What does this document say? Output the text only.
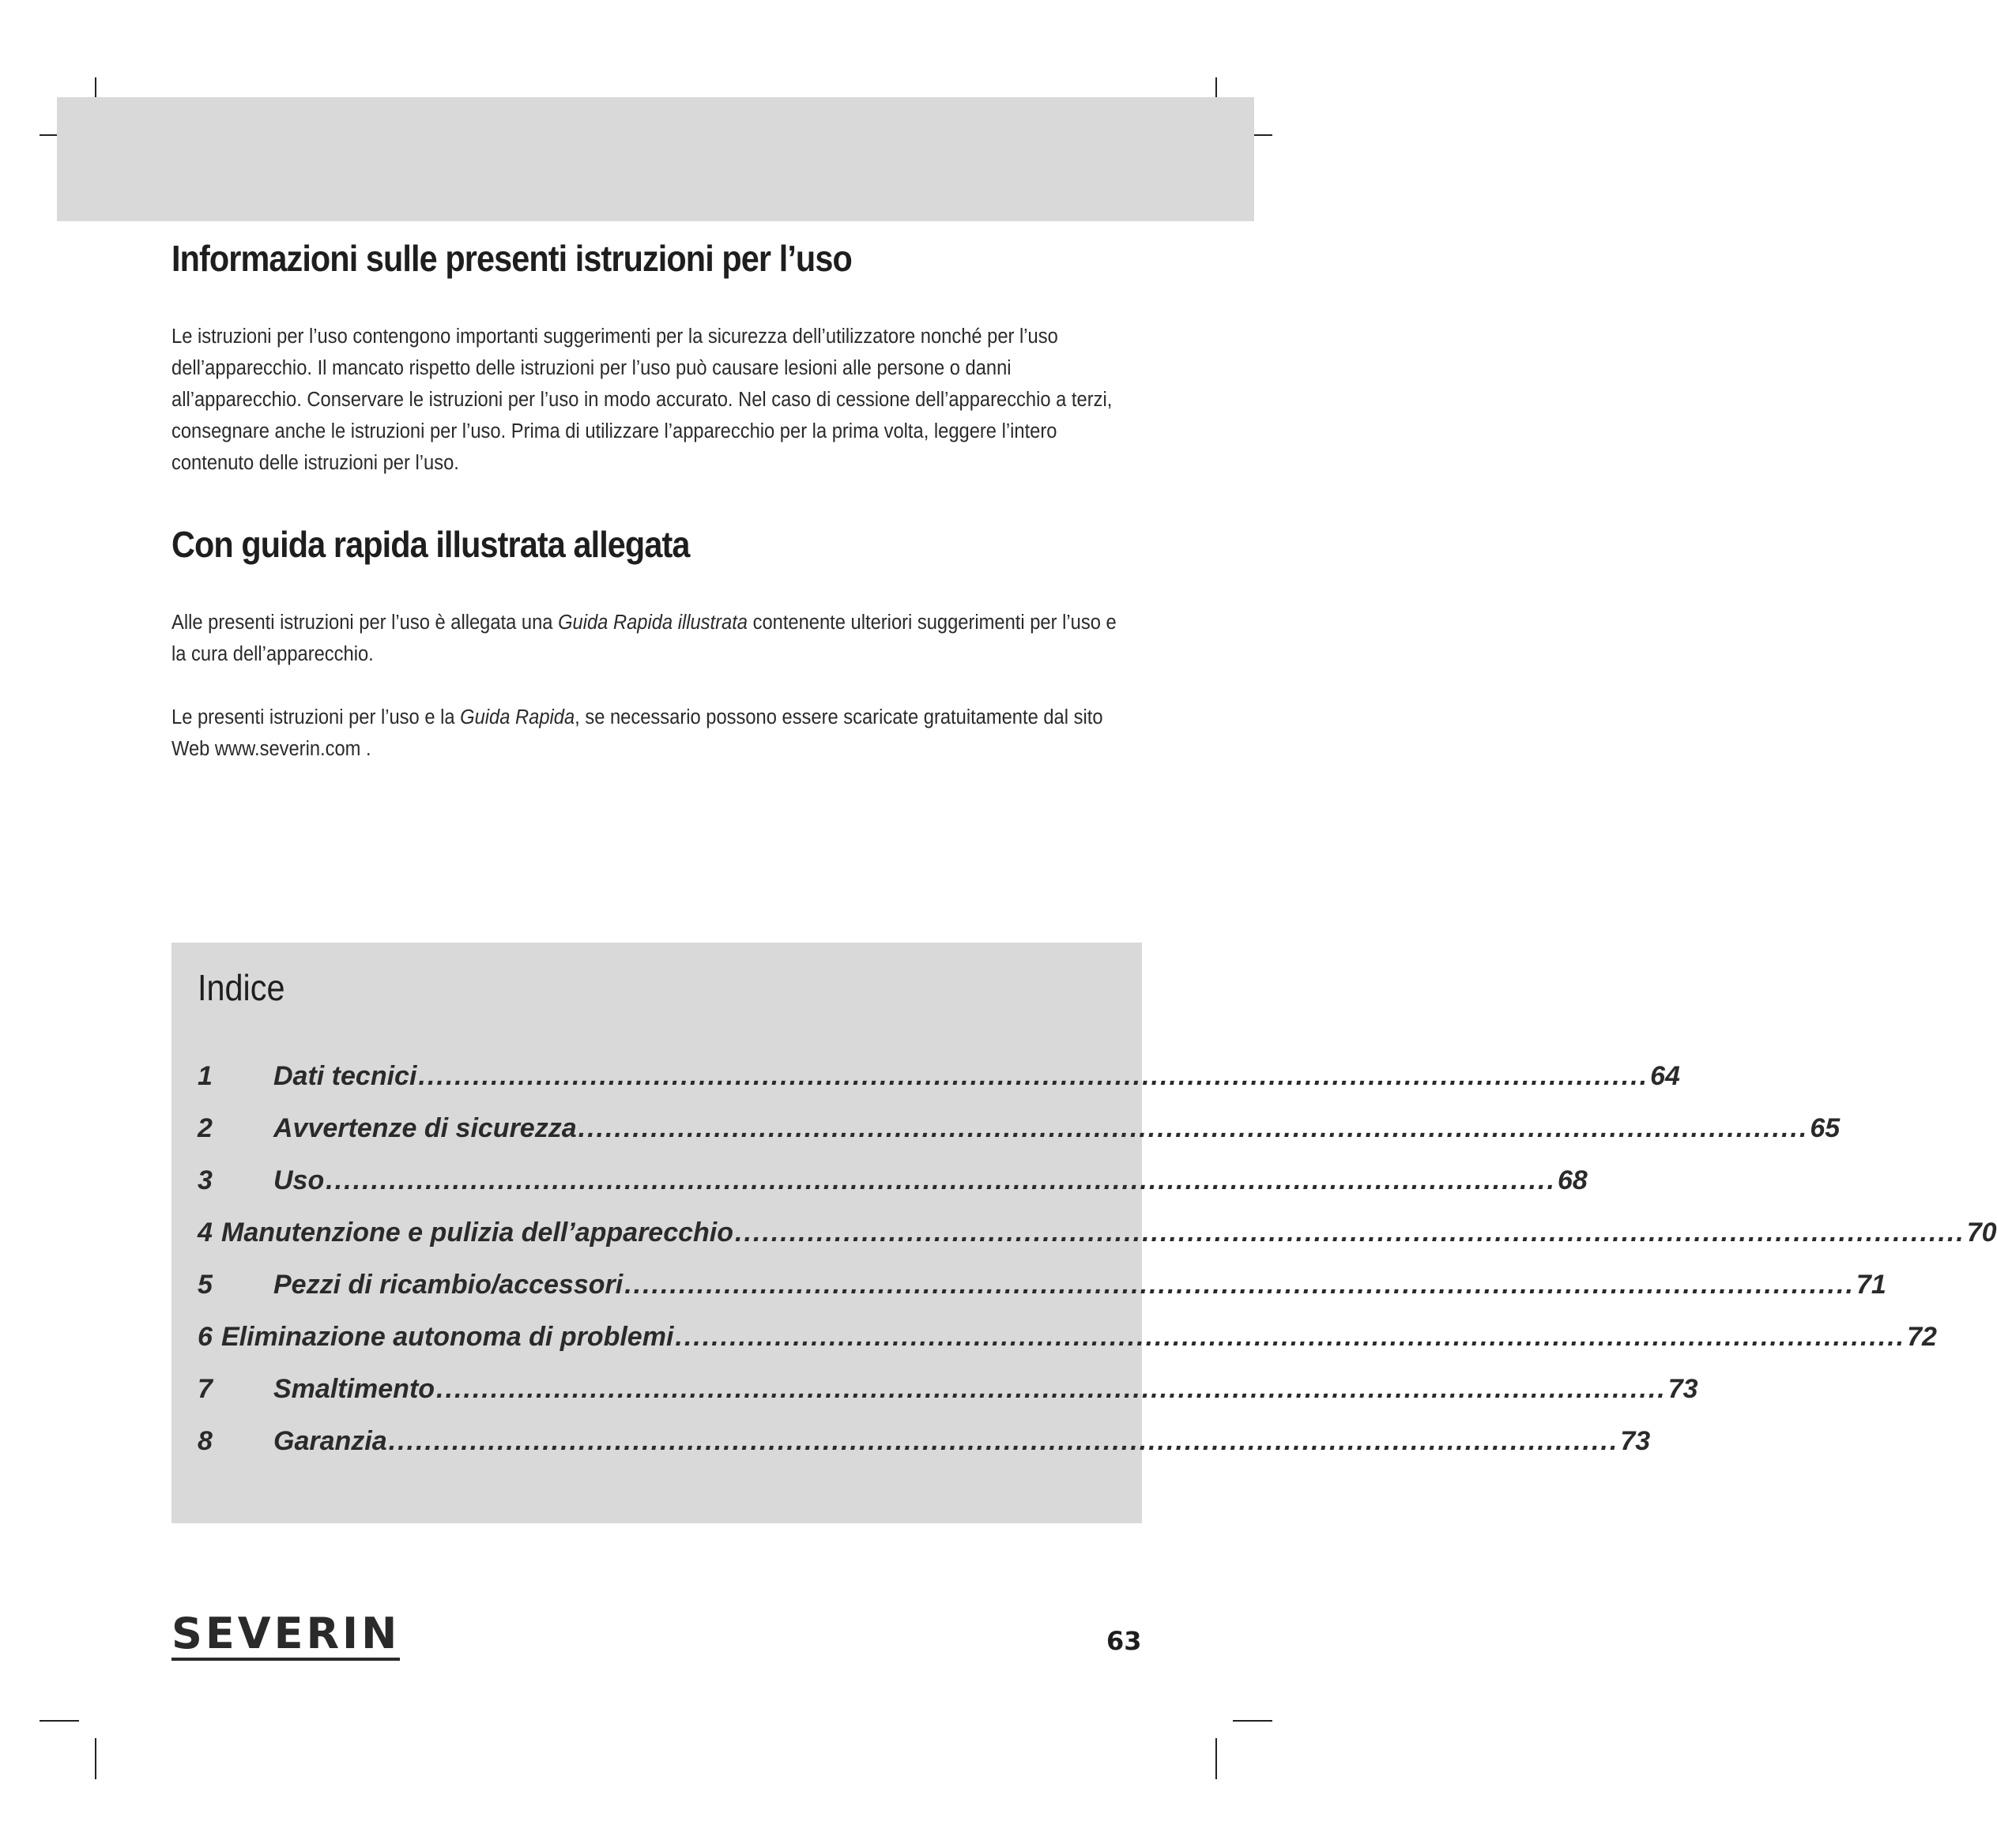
Informazioni sulle presenti istruzioni per l’uso

Le istruzioni per l’uso contengono importanti suggerimenti per la sicurezza dell’utilizzatore nonché per l’uso dell’apparecchio. Il mancato rispetto delle istruzioni per l’uso può causare lesioni alle persone o danni all’apparecchio. Conservare le istruzioni per l’uso in modo accurato. Nel caso di cessione dell’apparecchio a terzi, consegnare anche le istruzioni per l’uso. Prima di utilizzare l’apparecchio per la prima volta, leggere l’intero contenuto delle istruzioni per l’uso.

Con guida rapida illustrata allegata

Alle presenti istruzioni per l’uso è allegata una Guida Rapida illustrata contenente ulteriori suggerimenti per l’uso e la cura dell’apparecchio.

Le presenti istruzioni per l’uso e la Guida Rapida, se necessario possono essere scaricate gratuitamente dal sito Web www.severin.com .

Indice
1	Dati tecnici ........................................................................................................................................ 64
2	Avvertenze di sicurezza ........................................................................................................................................ 65
3	Uso ........................................................................................................................................ 68
4 Manutenzione e pulizia dell’apparecchio ........................................................................................................................................ 70
5	Pezzi di ricambio/accessori ........................................................................................................................................ 71
6 Eliminazione autonoma di problemi ........................................................................................................................................ 72
7	Smaltimento ........................................................................................................................................ 73
8	Garanzia ........................................................................................................................................ 73
SEVERIN	63
